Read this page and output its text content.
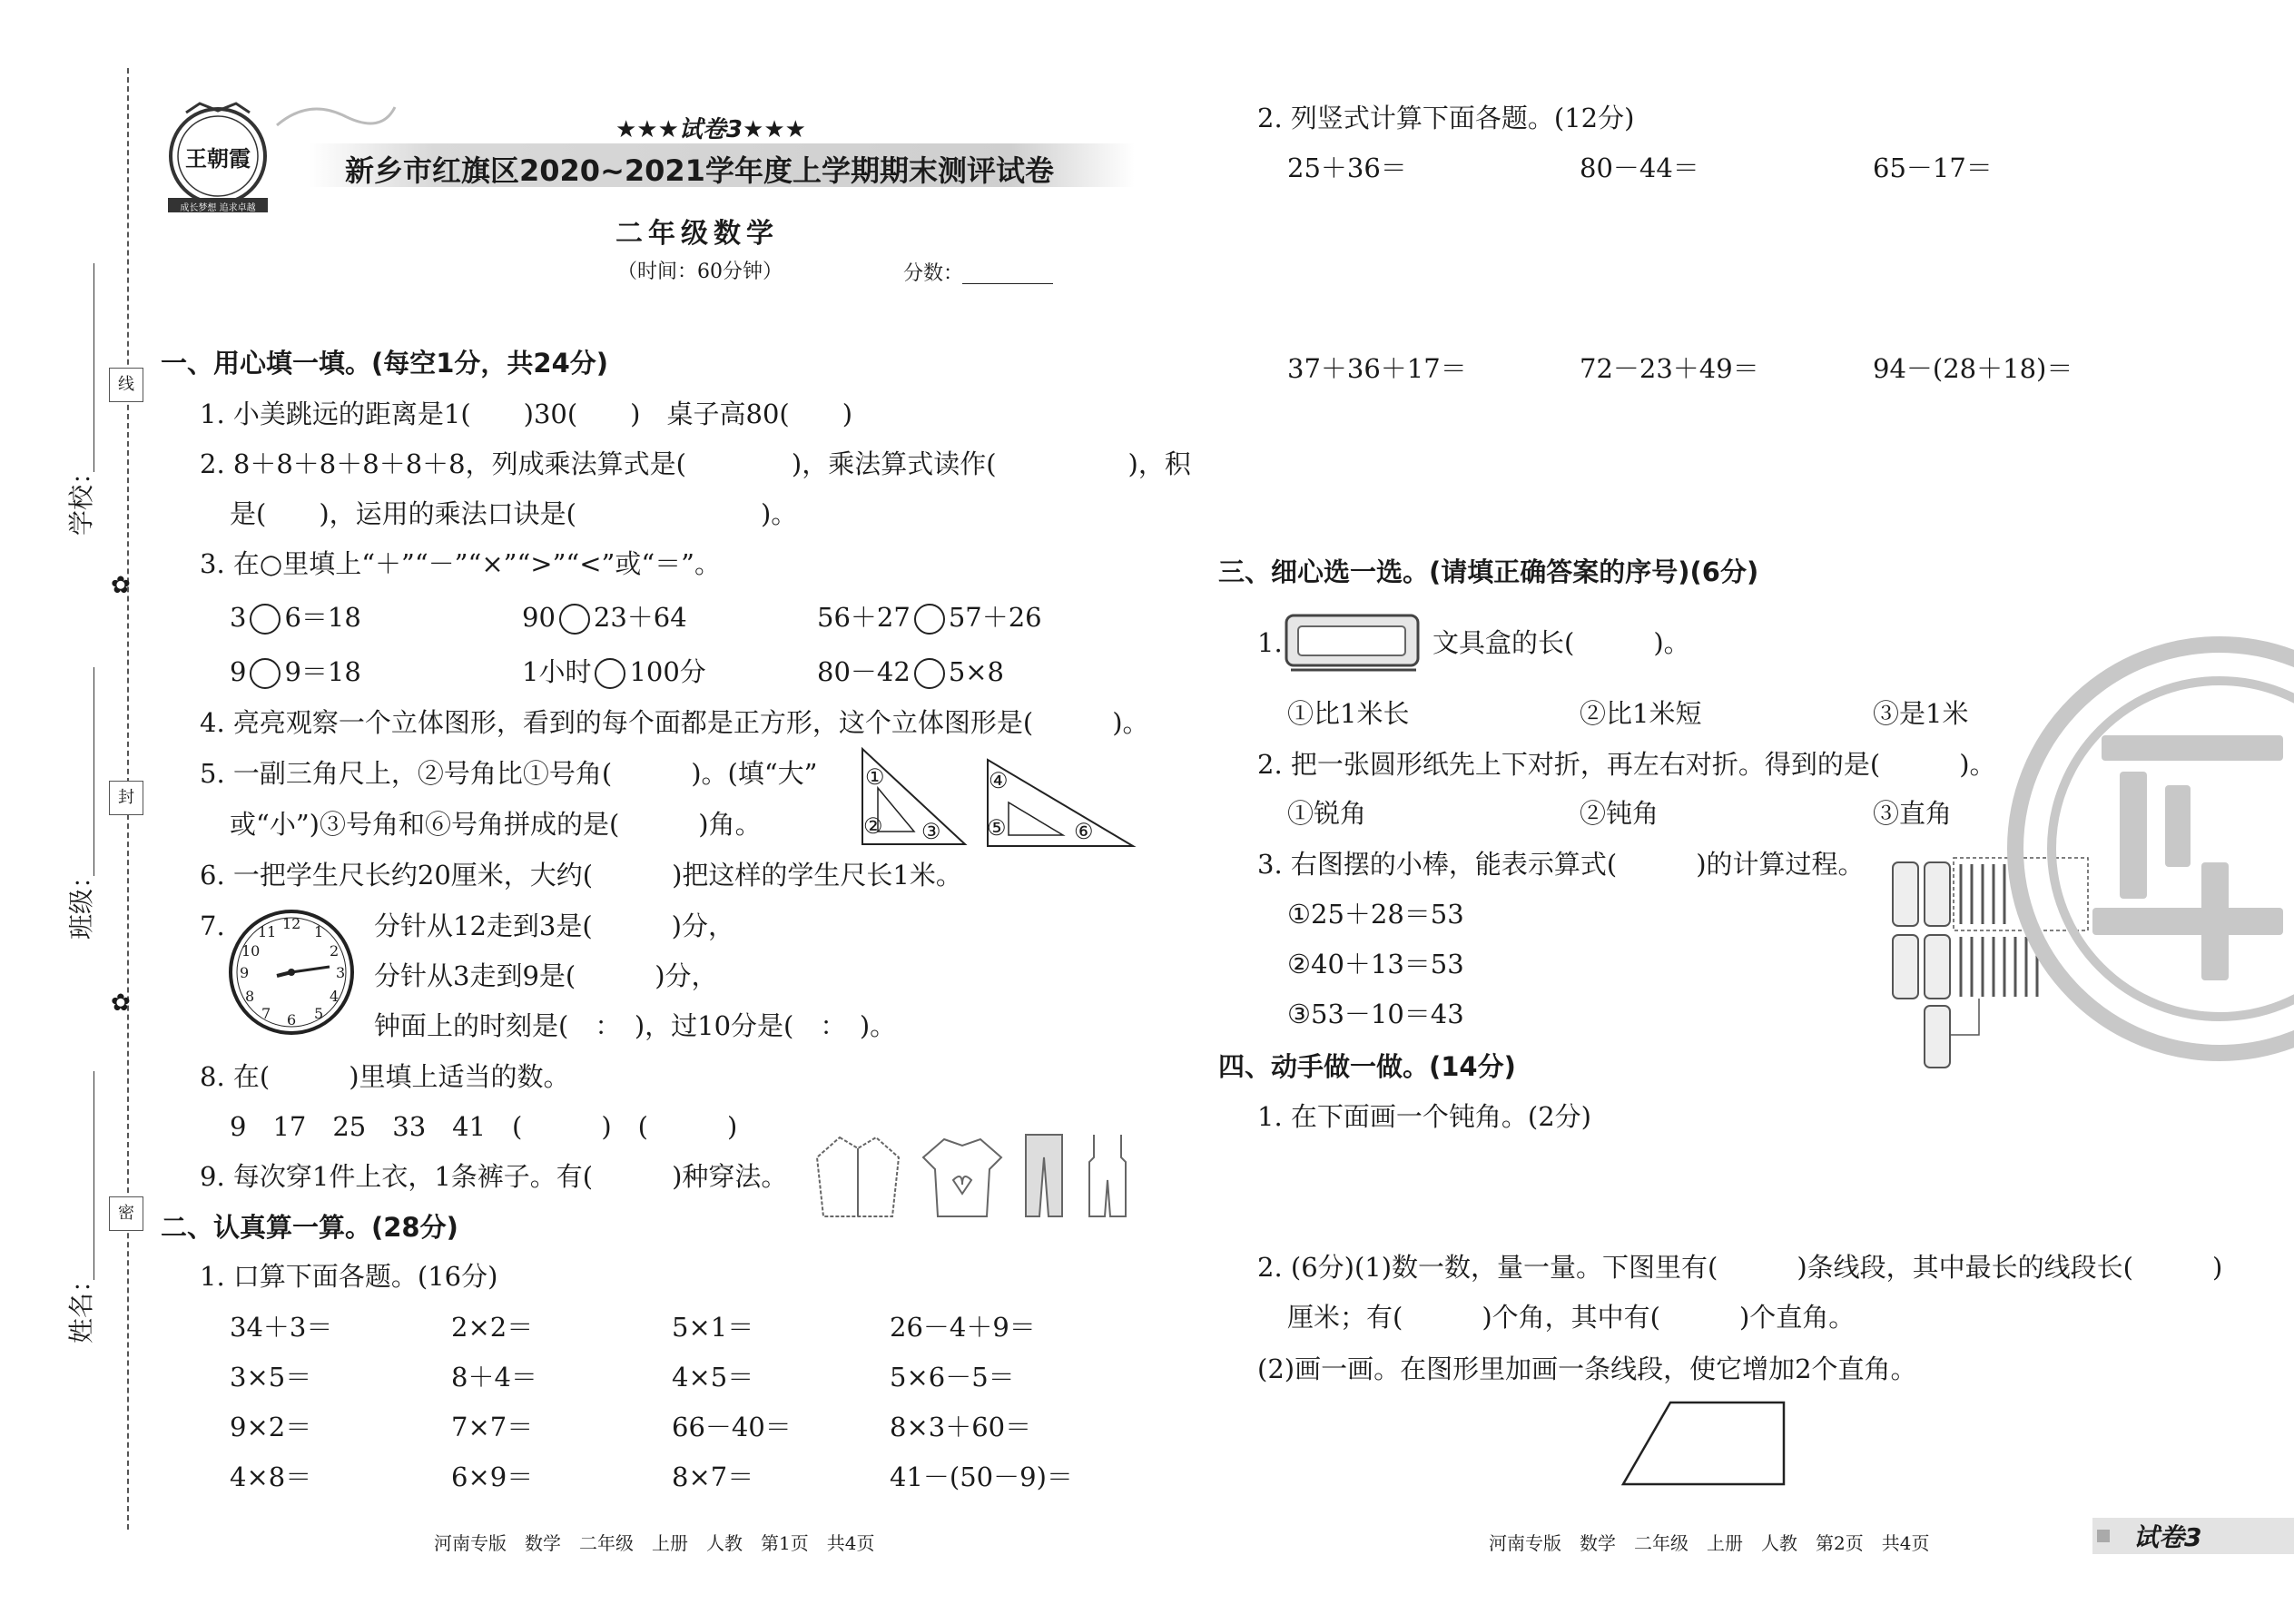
线
封
密
✿
✿
学校：
班级：
姓名：
王朝霞
成长梦想 追求卓越
★★★试卷3★★★
新乡市红旗区2020~2021学年度上学期期末测评试卷
二年级数学
（时间：60分钟）	分数：
一、用心填一填。(每空1分，共24分)
1. 小美跳远的距离是1(　　)30(　　)　桌子高80(　　)
2. 8＋8＋8＋8＋8＋8，列成乘法算式是(　　　　)，乘法算式读作(　　　　　)，积
是(　　)，运用的乘法口诀是(　　　　　　　)。
3. 在○里填上“＋”“－”“×”“>”“<”或“＝”。
3 6＝18	90 23＋64	56＋27 57＋26
9 9＝18	1小时 100分	80－42 5×8
4. 亮亮观察一个立体图形，看到的每个面都是正方形，这个立体图形是(　　　)。
5. 一副三角尺上，②号角比①号角(　　　)。(填“大”
或“小”)③号角和⑥号角拼成的是(　　　)角。
①
② ③
④
⑤	⑥
6. 一把学生尺长约20厘米，大约(　　　)把这样的学生尺长1米。
7.	12 1
2
3
4
5
6
7
8
9
10
11	分针从12走到3是(　　　)分，
分针从3走到9是(　　　)分，
钟面上的时刻是(　：　)，过10分是(　：　)。
8. 在(　　　)里填上适当的数。
9　17　25　33　41　(　　　)　(　　　)
9. 每次穿1件上衣，1条裤子。有(　　　)种穿法。
二、认真算一算。(28分)
1. 口算下面各题。(16分)
34＋3＝	2×2＝	5×1＝	26－4＋9＝
3×5＝	8＋4＝	4×5＝	5×6－5＝
9×2＝	7×7＝	66－40＝	8×3＋60＝
4×8＝	6×9＝	8×7＝	41－(50－9)＝
河南专版　数学　二年级　上册　人教　第1页　共4页
2. 列竖式计算下面各题。(12分)
25＋36＝	80－44＝	65－17＝
37＋36＋17＝	72－23＋49＝	94－(28＋18)＝
三、细心选一选。(请填正确答案的序号)(6分)
1.	文具盒的长(　　　)。
①比1米长	②比1米短	③是1米
2. 把一张圆形纸先上下对折，再左右对折。得到的是(　　　)。
①锐角	②钝角	③直角
3. 右图摆的小棒，能表示算式(　　　)的计算过程。
①25＋28＝53
②40＋13＝53
③53－10＝43
四、动手做一做。(14分)
1. 在下面画一个钝角。(2分)
2. (6分)(1)数一数，量一量。下图里有(　　　)条线段，其中最长的线段长(　　　)
厘米；有(　　　)个角，其中有(　　　)个直角。
(2)画一画。在图形里加画一条线段，使它增加2个直角。
河南专版　数学　二年级　上册　人教　第2页　共4页	试卷3
